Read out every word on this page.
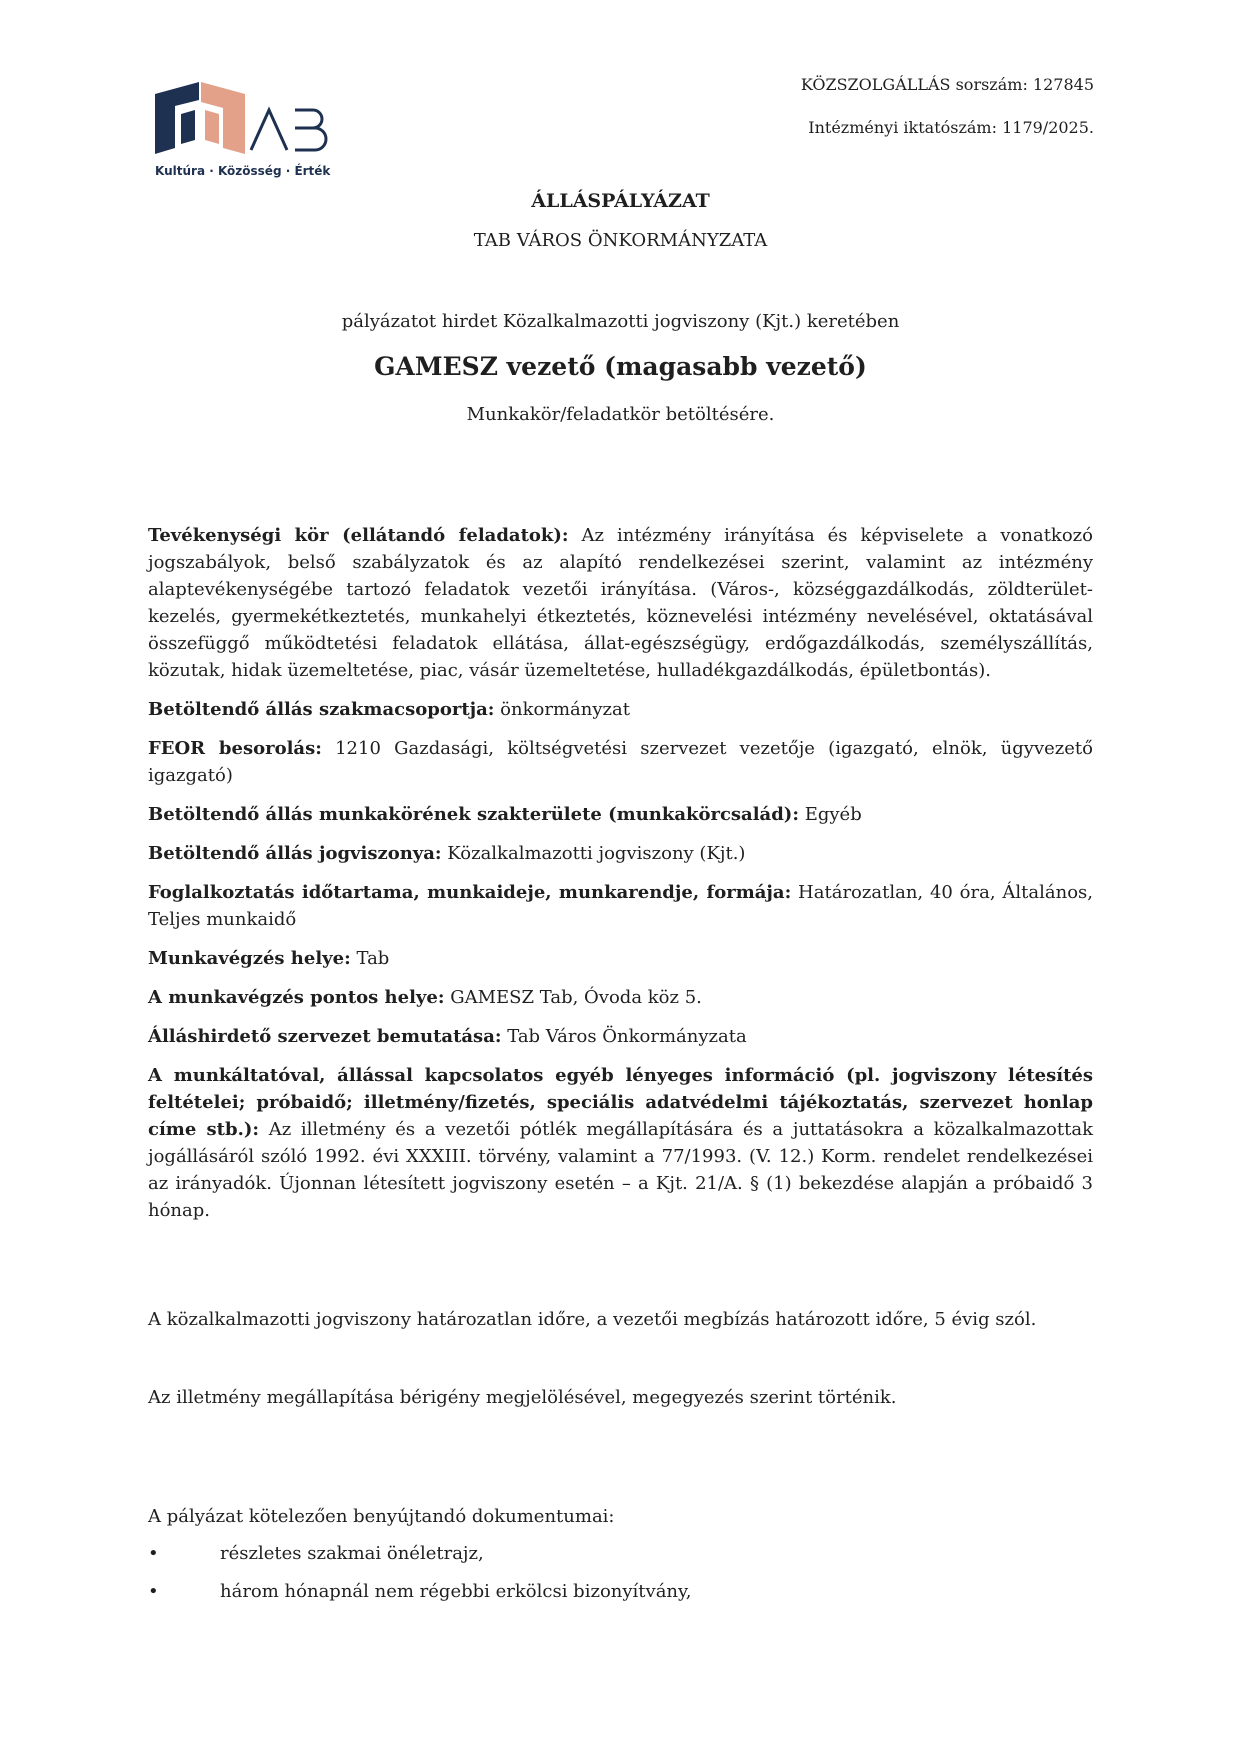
Kultúra · Közösség · Érték
KÖZSZOLGÁLLÁS sorszám: 127845
Intézményi iktatószám: 1179/2025.
ÁLLÁSPÁLYÁZAT
TAB VÁROS ÖNKORMÁNYZATA
pályázatot hirdet Közalkalmazotti jogviszony (Kjt.) keretében
GAMESZ vezető (magasabb vezető)
Munkakör/feladatkör betöltésére.

Tevékenységi kör (ellátandó feladatok): Az intézmény irányítása és képviselete a vonatkozó jogszabályok, belső szabályzatok és az alapító rendelkezései szerint, valamint az intézmény alaptevékenységébe tartozó feladatok vezetői irányítása. (Város-, községgazdálkodás, zöldterület-kezelés, gyermekétkeztetés, munkahelyi étkeztetés, köznevelési intézmény nevelésével, oktatásával összefüggő működtetési feladatok ellátása, állat-egészségügy, erdőgazdálkodás, személyszállítás, közutak, hidak üzemeltetése, piac, vásár üzemeltetése, hulladékgazdálkodás, épületbontás).

Betöltendő állás szakmacsoportja: önkormányzat

FEOR besorolás: 1210 Gazdasági, költségvetési szervezet vezetője (igazgató, elnök, ügyvezető igazgató)

Betöltendő állás munkakörének szakterülete (munkakörcsalád): Egyéb

Betöltendő állás jogviszonya: Közalkalmazotti jogviszony (Kjt.)

Foglalkoztatás időtartama, munkaideje, munkarendje, formája: Határozatlan, 40 óra, Általános, Teljes munkaidő

Munkavégzés helye: Tab

A munkavégzés pontos helye: GAMESZ Tab, Óvoda köz 5.

Álláshirdető szervezet bemutatása: Tab Város Önkormányzata

A munkáltatóval, állással kapcsolatos egyéb lényeges információ (pl. jogviszony létesítés feltételei; próbaidő; illetmény/fizetés, speciális adatvédelmi tájékoztatás, szervezet honlap címe stb.): Az illetmény és a vezetői pótlék megállapítására és a juttatásokra a közalkalmazottak jogállásáról szóló 1992. évi XXXIII. törvény, valamint a 77/1993. (V. 12.) Korm. rendelet rendelkezései az irányadók. Újonnan létesített jogviszony esetén – a Kjt. 21/A. § (1) bekezdése alapján a próbaidő 3 hónap.

A közalkalmazotti jogviszony határozatlan időre, a vezetői megbízás határozott időre, 5 évig szól.
Az illetmény megállapítása bérigény megjelölésével, megegyezés szerint történik.
A pályázat kötelezően benyújtandó dokumentumai:
•	részletes szakmai önéletrajz,
•	három hónapnál nem régebbi erkölcsi bizonyítvány,
